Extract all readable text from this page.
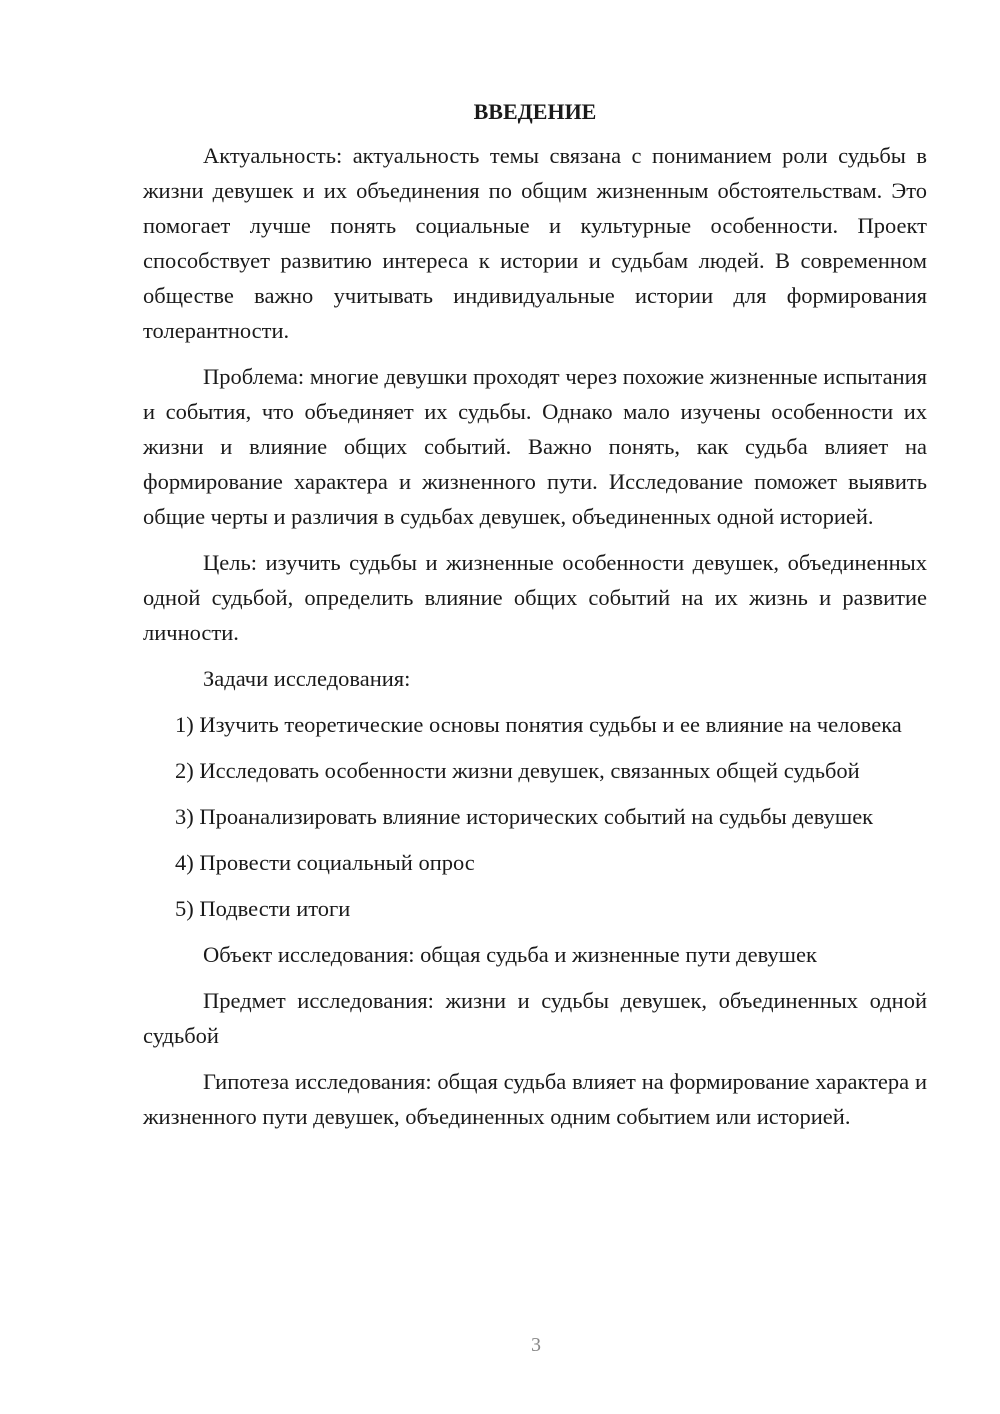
ВВЕДЕНИЕ

Актуальность: актуальность темы связана с пониманием роли судьбы в жизни девушек и их объединения по общим жизненным обстоятельствам. Это помогает лучше понять социальные и культурные особенности. Проект способствует развитию интереса к истории и судьбам людей. В современном обществе важно учитывать индивидуальные истории для формирования толерантности.

Проблема: многие девушки проходят через похожие жизненные испытания и события, что объединяет их судьбы. Однако мало изучены особенности их жизни и влияние общих событий. Важно понять, как судьба влияет на формирование характера и жизненного пути. Исследование поможет выявить общие черты и различия в судьбах девушек, объединенных одной историей.

Цель: изучить судьбы и жизненные особенности девушек, объединенных одной судьбой, определить влияние общих событий на их жизнь и развитие личности.

Задачи исследования:

1) Изучить теоретические основы понятия судьбы и ее влияние на человека

2) Исследовать особенности жизни девушек, связанных общей судьбой

3) Проанализировать влияние исторических событий на судьбы девушек

4) Провести социальный опрос

5) Подвести итоги

Объект исследования: общая судьба и жизненные пути девушек

Предмет исследования: жизни и судьбы девушек, объединенных одной судьбой

Гипотеза исследования: общая судьба влияет на формирование характера и жизненного пути девушек, объединенных одним событием или историей.

3
